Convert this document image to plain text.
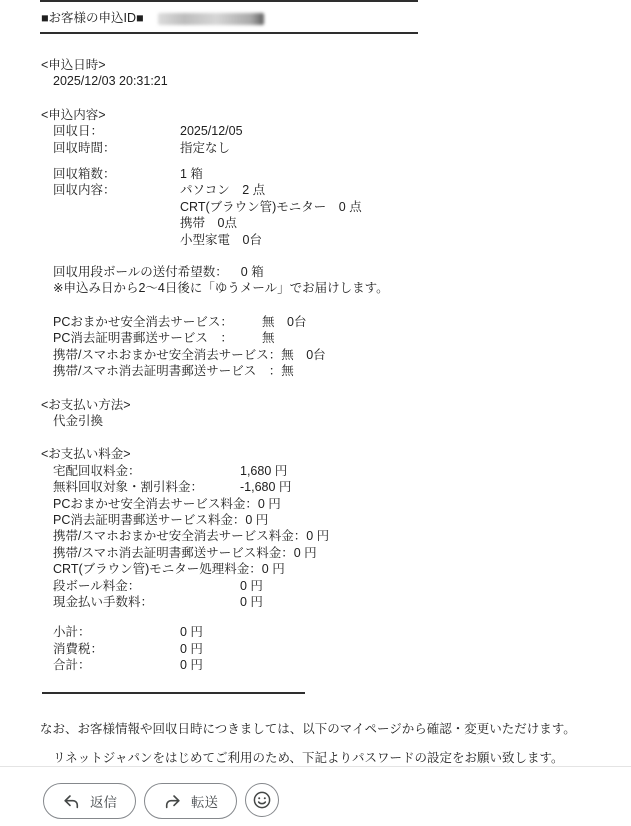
■お客様の申込ID■
<申込日時>
2025/12/03 20:31:21
<申込内容>
回収日：	2025/12/05
回収時間：	指定なし
回収箱数：	1 箱
回収内容：	パソコン　2 点
CRT(ブラウン管)モニター　0 点
携帯　0点
小型家電　0台
回収用段ボールの送付希望数： 0 箱
※申込み日から2〜4日後に「ゆうメール」でお届けします。
PCおまかせ安全消去サービス：	無　0台
PC消去証明書郵送サービス　：	無
携帯/スマホおまかせ安全消去サービス： 無　0台
携帯/スマホ消去証明書郵送サービス　： 無
<お支払い方法>
代金引換
<お支払い料金>
宅配回収料金：	1,680 円
無料回収対象・割引料金：	-1,680 円
PCおまかせ安全消去サービス料金： 0 円
PC消去証明書郵送サービス料金： 0 円
携帯/スマホおまかせ安全消去サービス料金： 0 円
携帯/スマホ消去証明書郵送サービス料金： 0 円
CRT(ブラウン管)モニター処理料金： 0 円
段ボール料金：	0 円
現金払い手数料：	0 円
小計：	0 円
消費税：	0 円
合計：	0 円
なお、お客様情報や回収日時につきましては、以下のマイページから確認・変更いただけます。
リネットジャパンをはじめてご利用のため、下記よりパスワードの設定をお願い致します。
返信	転送
